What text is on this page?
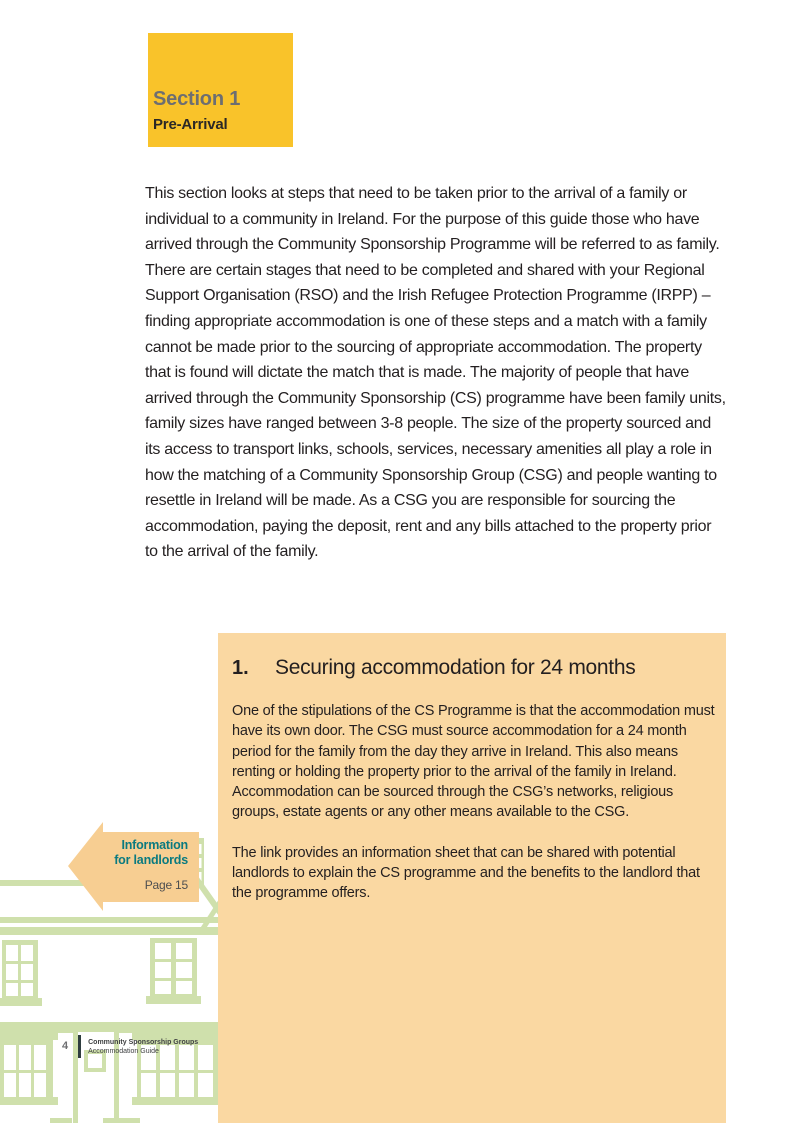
Section 1
Pre-Arrival
This section looks at steps that need to be taken prior to the arrival of a family or individual to a community in Ireland. For the purpose of this guide those who have arrived through the Community Sponsorship Programme will be referred to as family. There are certain stages that need to be completed and shared with your Regional Support Organisation (RSO) and the Irish Refugee Protection Programme (IRPP) – finding appropriate accommodation is one of these steps and a match with a family cannot be made prior to the sourcing of appropriate accommodation. The property that is found will dictate the match that is made. The majority of people that have arrived through the Community Sponsorship (CS) programme have been family units, family sizes have ranged between 3-8 people. The size of the property sourced and its access to transport links, schools, services, necessary amenities all play a role in how the matching of a Community Sponsorship Group (CSG) and people wanting to resettle in Ireland will be made. As a CSG you are responsible for sourcing the accommodation, paying the deposit, rent and any bills attached to the property prior to the arrival of the family.
1.	Securing accommodation for 24 months
One of the stipulations of the CS Programme is that the accommodation must have its own door. The CSG must source accommodation for a 24 month period for the family from the day they arrive in Ireland. This also means renting or holding the property prior to the arrival of the family in Ireland. Accommodation can be sourced through the CSG’s networks, religious groups, estate agents or any other means available to the CSG.
The link provides an information sheet that can be shared with potential landlords to explain the CS programme and the benefits to the landlord that the programme offers.
Information
for landlords
Page 15
4	Community Sponsorship Groups
Accommodation Guide
